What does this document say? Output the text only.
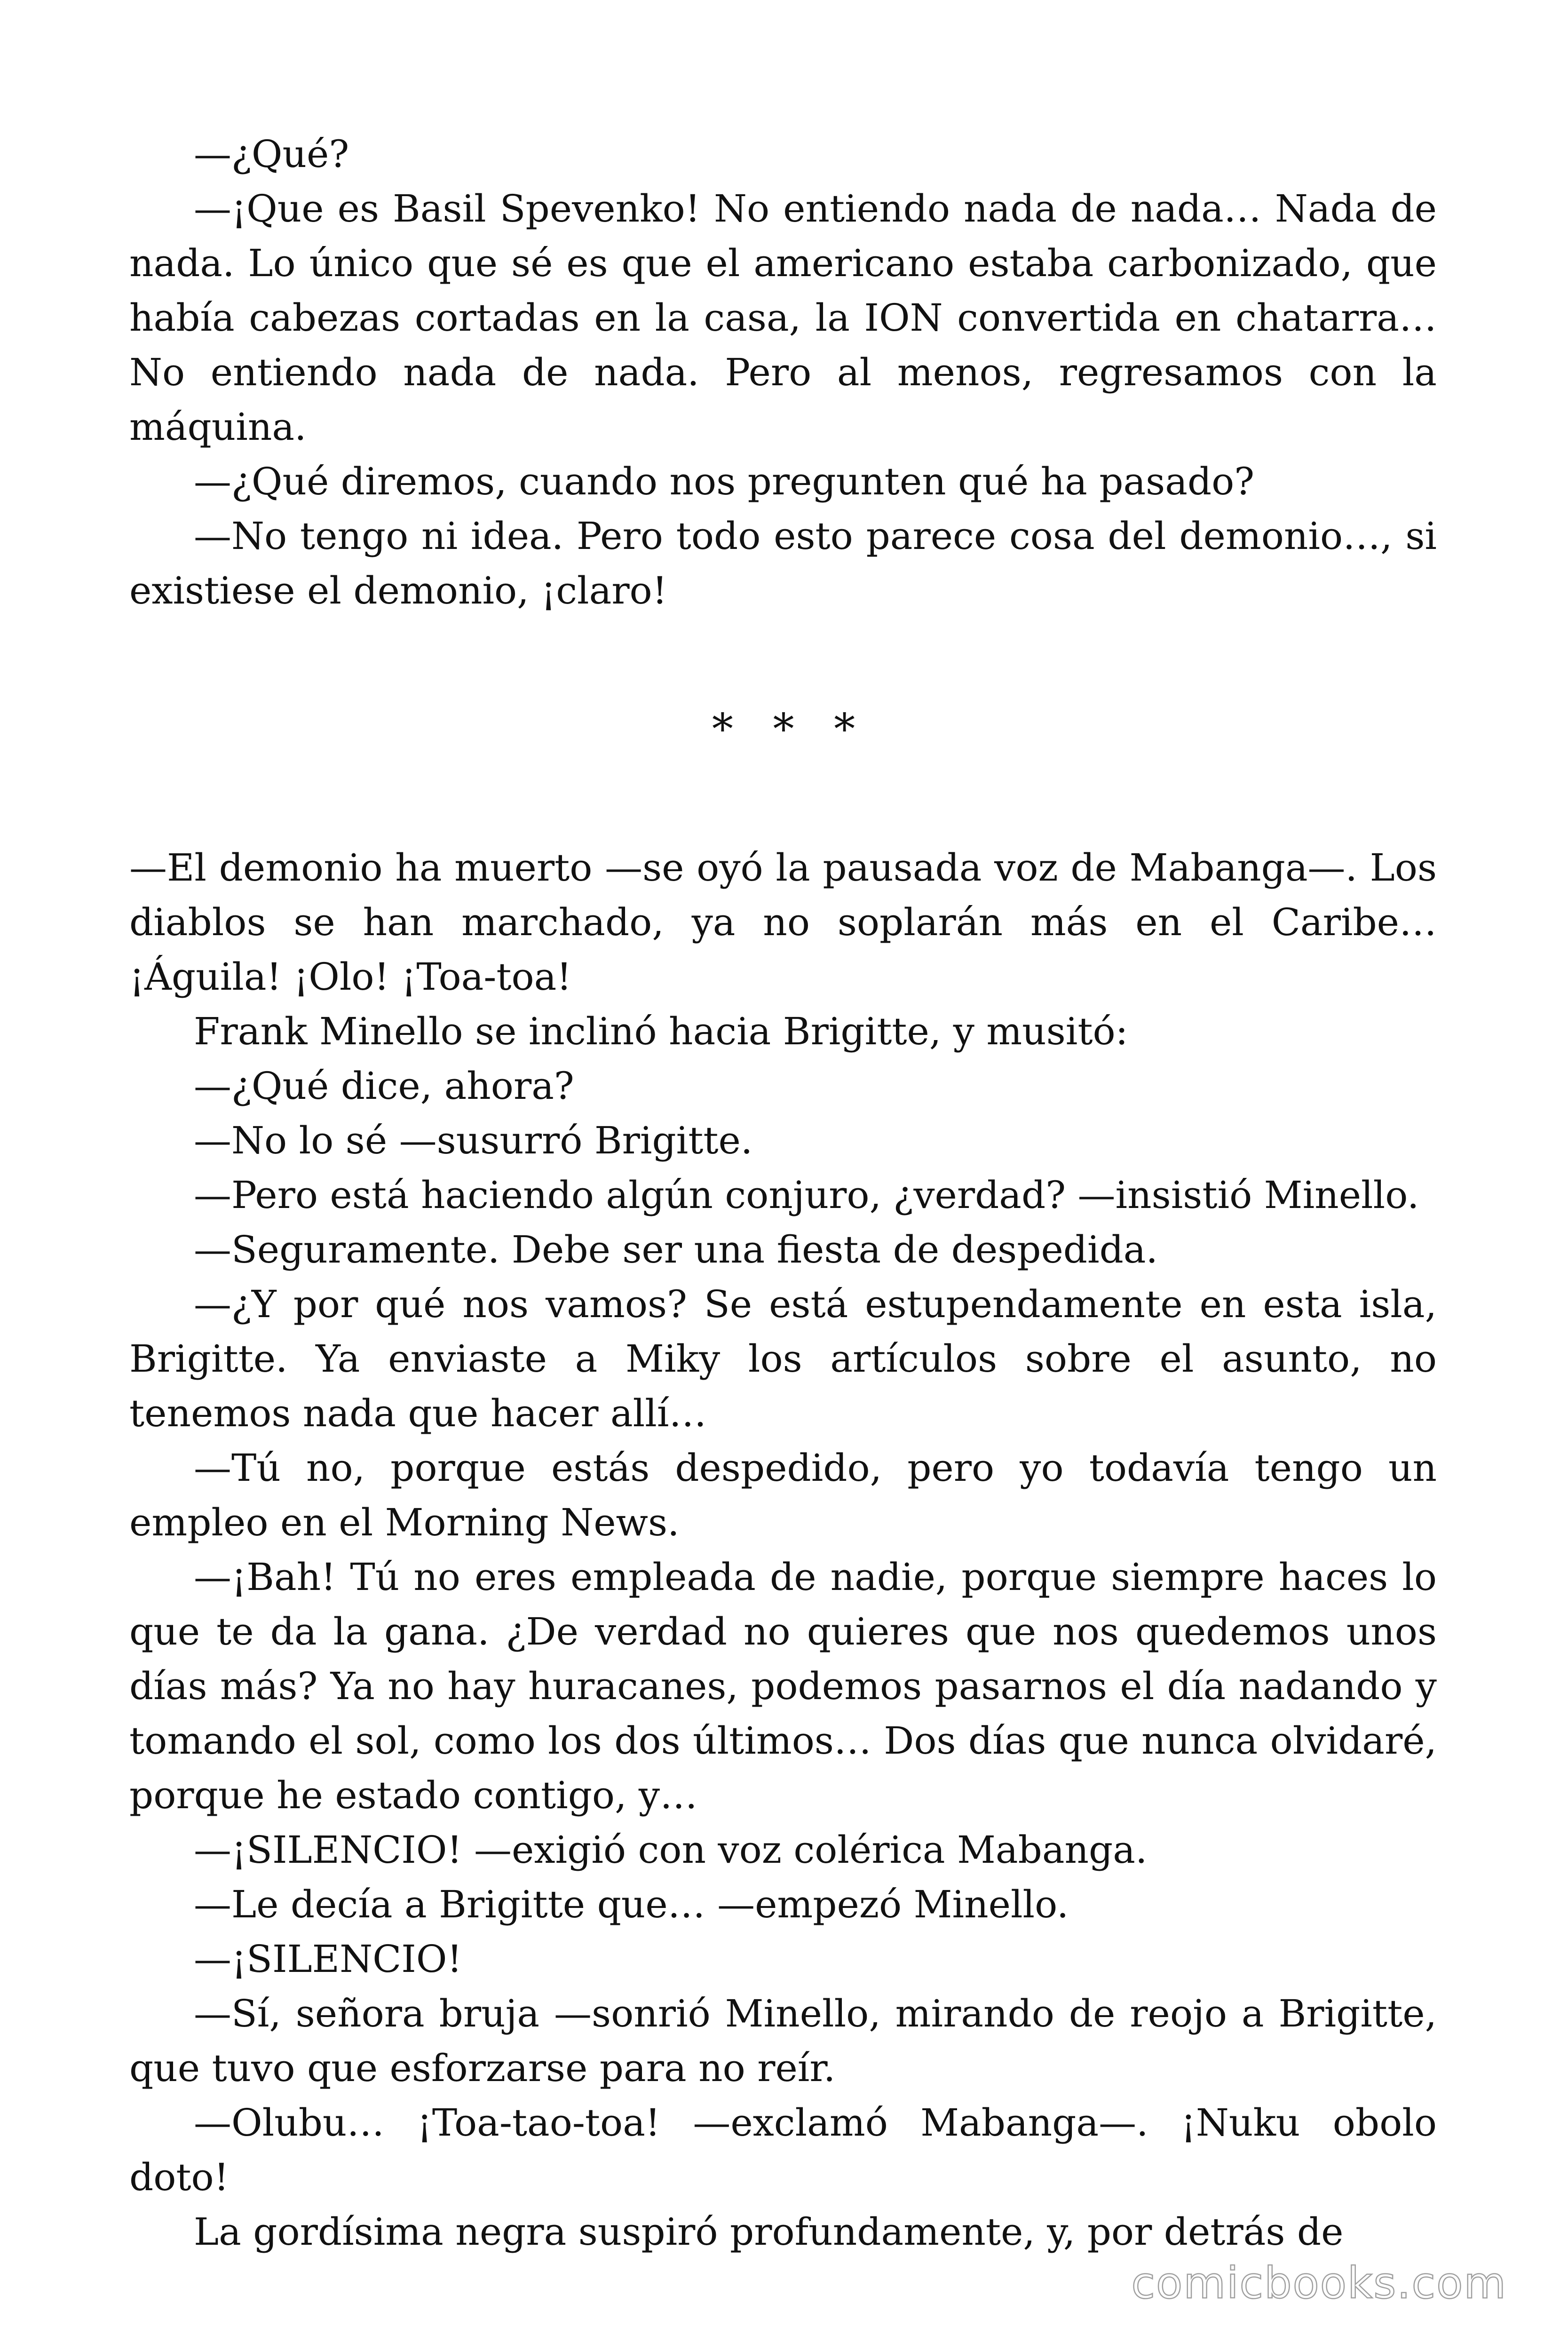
—¿Qué?

—¡Que es Basil Spevenko! No entiendo nada de nada… Nada de nada. Lo único que sé es que el americano estaba carbonizado, que había cabezas cortadas en la casa, la ION convertida en chatarra… No entiendo nada de nada. Pero al menos, regresamos con la máquina.

—¿Qué diremos, cuando nos pregunten qué ha pasado?

—No tengo ni idea. Pero todo esto parece cosa del demonio…, si existiese el demonio, ¡claro!

* * *

—El demonio ha muerto —se oyó la pausada voz de Mabanga—. Los diablos se han marchado, ya no soplarán más en el Caribe… ¡Águila! ¡Olo! ¡Toa-toa!

Frank Minello se inclinó hacia Brigitte, y musitó:

—¿Qué dice, ahora?

—No lo sé —susurró Brigitte.

—Pero está haciendo algún conjuro, ¿verdad? —insistió Minello.

—Seguramente. Debe ser una fiesta de despedida.

—¿Y por qué nos vamos? Se está estupendamente en esta isla, Brigitte. Ya enviaste a Miky los artículos sobre el asunto, no tenemos nada que hacer allí…

—Tú no, porque estás despedido, pero yo todavía tengo un empleo en el Morning News.

—¡Bah! Tú no eres empleada de nadie, porque siempre haces lo que te da la gana. ¿De verdad no quieres que nos quedemos unos días más? Ya no hay huracanes, podemos pasarnos el día nadando y tomando el sol, como los dos últimos… Dos días que nunca olvidaré, porque he estado contigo, y…

—¡SILENCIO! —exigió con voz colérica Mabanga.

—Le decía a Brigitte que… —empezó Minello.

—¡SILENCIO!

—Sí, señora bruja —sonrió Minello, mirando de reojo a Brigitte, que tuvo que esforzarse para no reír.

—Olubu… ¡Toa-tao-toa! —exclamó Mabanga—. ¡Nuku obolo doto!

La gordísima negra suspiró profundamente, y, por detrás de

comicbooks.com
